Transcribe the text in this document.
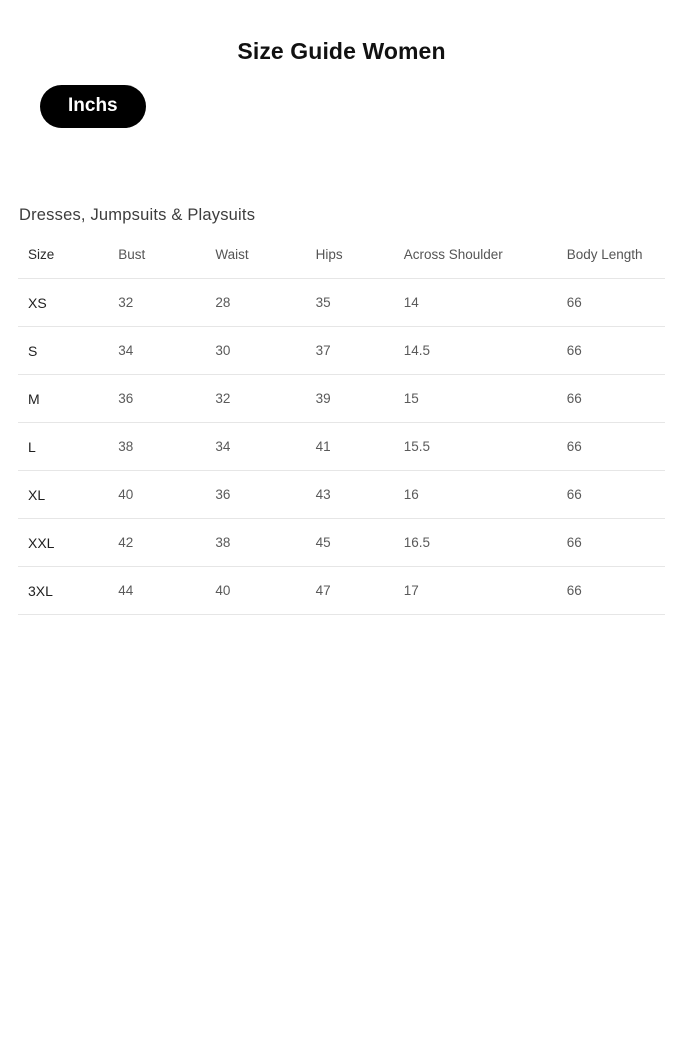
Size Guide Women
Inchs
Dresses, Jumpsuits & Playsuits
Size	Bust	Waist	Hips	Across Shoulder	Body Length
XS	32	28	35	14	66
S	34	30	37	14.5	66
M	36	32	39	15	66
L	38	34	41	15.5	66
XL	40	36	43	16	66
XXL	42	38	45	16.5	66
3XL	44	40	47	17	66
